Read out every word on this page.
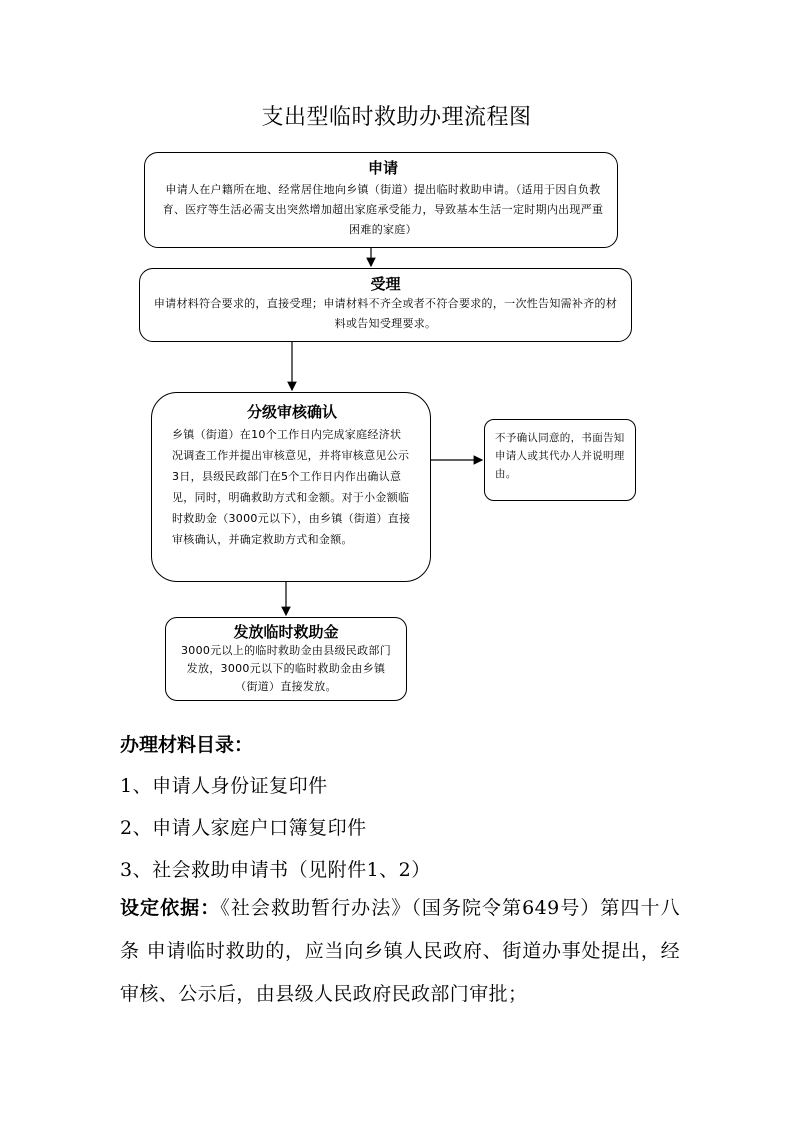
支出型临时救助办理流程图
申请
申请人在户籍所在地、经常居住地向乡镇（街道）提出临时救助申请。（适用于因自负教育、医疗等生活必需支出突然增加超出家庭承受能力，导致基本生活一定时期内出现严重困难的家庭）
受理
申请材料符合要求的，直接受理；申请材料不齐全或者不符合要求的，一次性告知需补齐的材料或告知受理要求。
分级审核确认
乡镇（街道）在10个工作日内完成家庭经济状况调查工作并提出审核意见，并将审核意见公示3日，县级民政部门在5个工作日内作出确认意见，同时，明确救助方式和金额。对于小金额临时救助金（3000元以下），由乡镇（街道）直接审核确认，并确定救助方式和金额。
不予确认同意的，书面告知申请人或其代办人并说明理由。
发放临时救助金
3000元以上的临时救助金由县级民政部门发放，3000元以下的临时救助金由乡镇（街道）直接发放。
办理材料目录：
1、申请人身份证复印件
2、申请人家庭户口簿复印件
3、社会救助申请书（见附件1、2）
设定依据：《社会救助暂行办法》（国务院令第649号）第四十八条 申请临时救助的，应当向乡镇人民政府、街道办事处提出，经审核、公示后，由县级人民政府民政部门审批；
